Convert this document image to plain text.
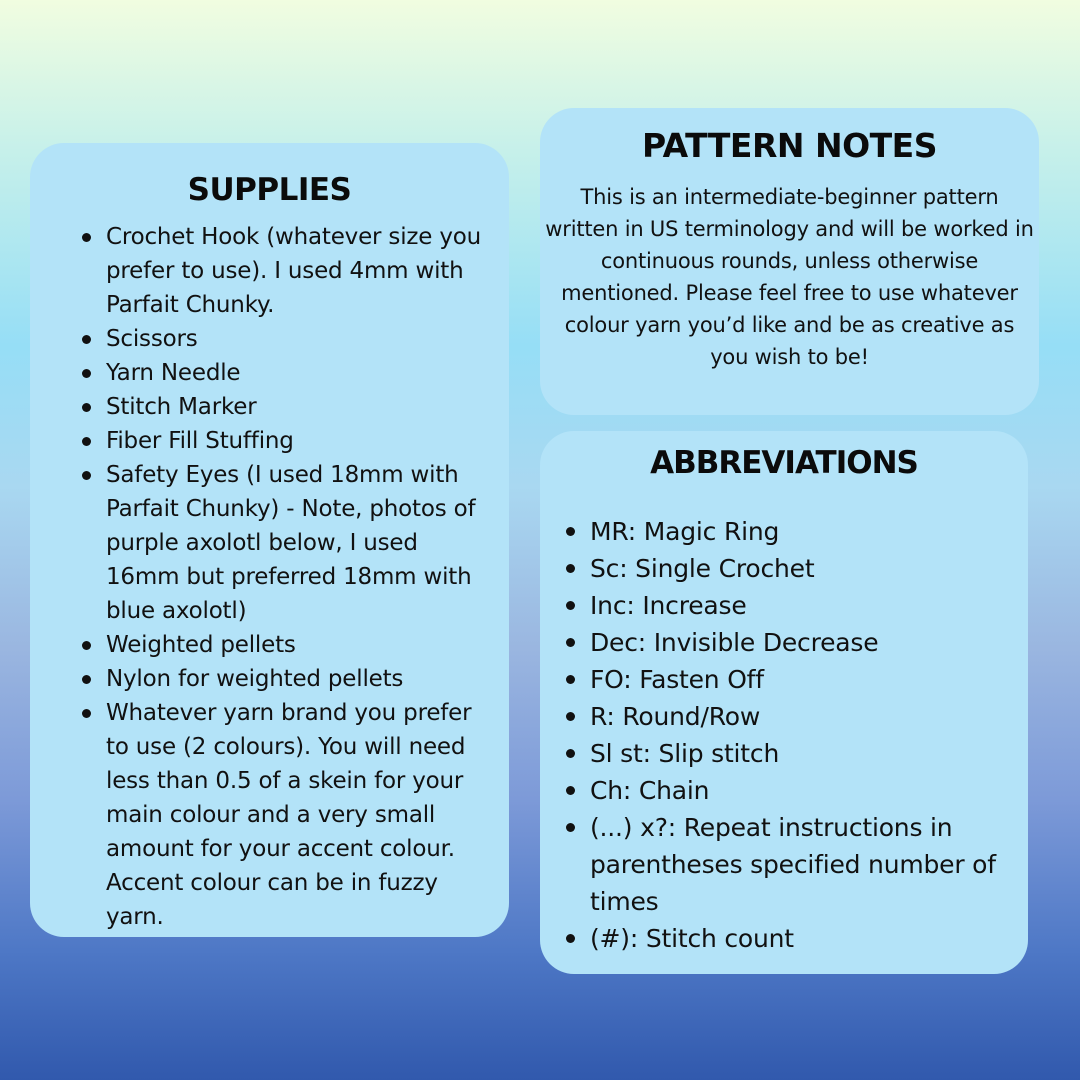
SUPPLIES
Crochet Hook (whatever size you prefer to use). I used 4mm with Parfait Chunky.
Scissors
Yarn Needle
Stitch Marker
Fiber Fill Stuffing
Safety Eyes (I used 18mm with Parfait Chunky) - Note, photos of purple axolotl below, I used 16mm but preferred 18mm with blue axolotl)
Weighted pellets
Nylon for weighted pellets
Whatever yarn brand you prefer to use (2 colours). You will need less than 0.5 of a skein for your main colour and a very small amount for your accent colour. Accent colour can be in fuzzy yarn.
PATTERN NOTES

This is an intermediate-beginner pattern written in US terminology and will be worked in continuous rounds, unless otherwise mentioned. Please feel free to use whatever colour yarn you’d like and be as creative as you wish to be!

ABBREVIATIONS
MR: Magic Ring
Sc: Single Crochet
Inc: Increase
Dec: Invisible Decrease
FO: Fasten Off
R: Round/Row
Sl st: Slip stitch
Ch: Chain
(...) x?: Repeat instructions in parentheses specified number of times
(#): Stitch count
